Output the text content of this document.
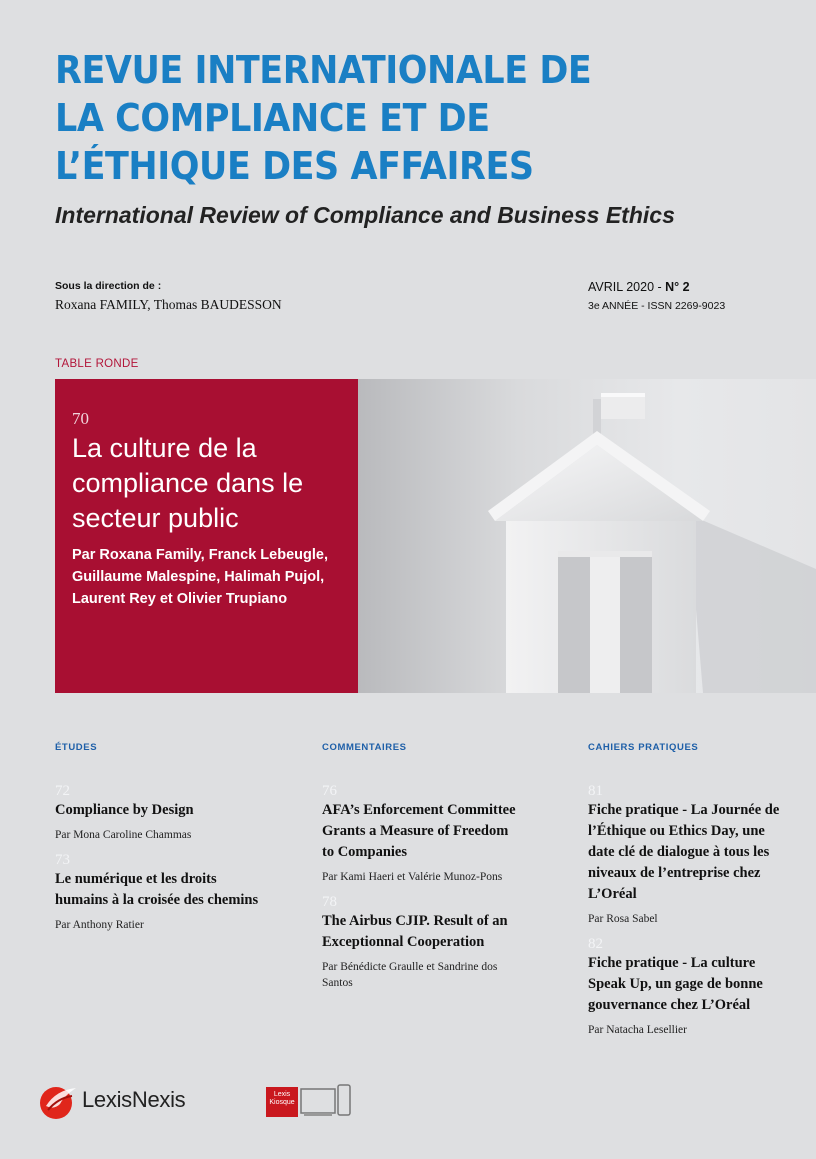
REVUE INTERNATIONALE DE
LA COMPLIANCE ET DE
L’ÉTHIQUE DES AFFAIRES
International Review of Compliance and Business Ethics
Sous la direction de :
Roxana FAMILY, Thomas BAUDESSON
AVRIL 2020 - N° 2
3e ANNÉE - ISSN 2269-9023
TABLE RONDE
70
La culture de la compliance dans le secteur public
Par Roxana Family, Franck Lebeugle, Guillaume Malespine, Halimah Pujol, Laurent Rey et Olivier Trupiano
ÉTUDES	COMMENTAIRES	CAHIERS PRATIQUES
72
Compliance by Design
Par Mona Caroline Chammas
73
Le numérique et les droits humains à la croisée des chemins
Par Anthony Ratier
76
AFA’s Enforcement Committee Grants a Measure of Freedom to Companies
Par Kami Haeri et Valérie Munoz-Pons
78
The Airbus CJIP. Result of an Exceptionnal Cooperation
Par Bénédicte Graulle et Sandrine dos Santos
81
Fiche pratique - La Journée de l’Éthique ou Ethics Day, une date clé de dialogue à tous les niveaux de l’entreprise chez L’Oréal
Par Rosa Sabel
82
Fiche pratique - La culture Speak Up, un gage de bonne gouvernance chez L’Oréal
Par Natacha Lesellier
LexisNexis	Lexis Kiosque
